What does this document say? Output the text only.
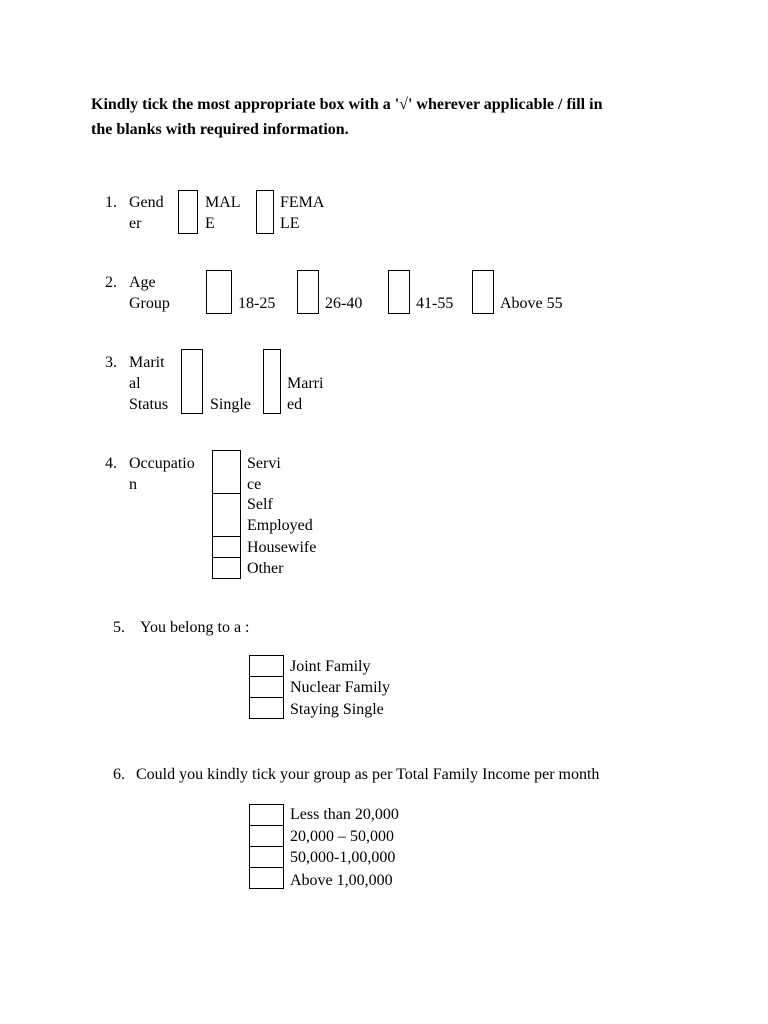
Kindly tick the most appropriate box with a '√' wherever applicable / fill in
the blanks with required information.
1. Gend
er
MAL
E
FEMA
LE
2. Age
Group	18-25	26-40	41-55	Above 55
3. Marit
al
Status	Single
Marri
ed
4. Occupatio
n
Servi
ce
Self
Employed
Housewife
Other
5. You belong to a :
Joint Family
Nuclear Family
Staying Single
6. Could you kindly tick your group as per Total Family Income per month
Less than 20,000
20,000 – 50,000
50,000-1,00,000
Above 1,00,000
